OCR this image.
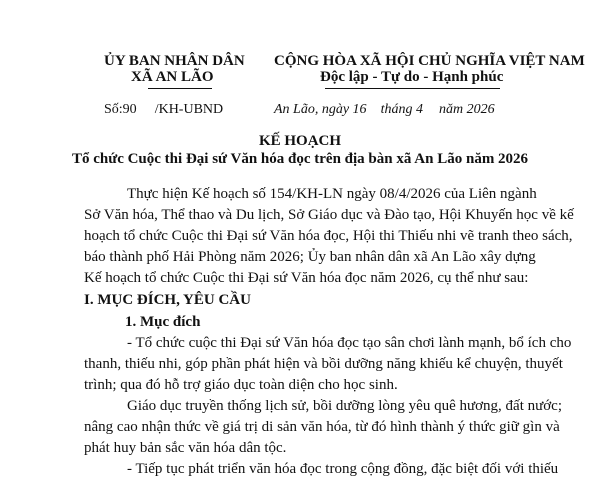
ỦY BAN NHÂN DÂN
XÃ AN LÃO
CỘNG HÒA XÃ HỘI CHỦ NGHĨA VIỆT NAM
Độc lập - Tự do - Hạnh phúc
Số:90 /KH-UBND	An Lão, ngày 16 tháng 4 năm 2026
KẾ HOẠCH
Tổ chức Cuộc thi Đại sứ Văn hóa đọc trên địa bàn xã An Lão năm 2026
Thực hiện Kế hoạch số 154/KH-LN ngày 08/4/2026 của Liên ngành
Sở Văn hóa, Thể thao và Du lịch, Sở Giáo dục và Đào tạo, Hội Khuyến học về kế
hoạch tổ chức Cuộc thi Đại sứ Văn hóa đọc, Hội thi Thiếu nhi vẽ tranh theo sách,
báo thành phố Hải Phòng năm 2026; Ủy ban nhân dân xã An Lão xây dựng
Kế hoạch tổ chức Cuộc thi Đại sứ Văn hóa đọc năm 2026, cụ thể như sau:
I. MỤC ĐÍCH, YÊU CẦU
1. Mục đích
- Tổ chức cuộc thi Đại sứ Văn hóa đọc tạo sân chơi lành mạnh, bổ ích cho
thanh, thiếu nhi, góp phần phát hiện và bồi dưỡng năng khiếu kể chuyện, thuyết
trình; qua đó hỗ trợ giáo dục toàn diện cho học sinh.
Giáo dục truyền thống lịch sử, bồi dưỡng lòng yêu quê hương, đất nước;
nâng cao nhận thức về giá trị di sản văn hóa, từ đó hình thành ý thức giữ gìn và
phát huy bản sắc văn hóa dân tộc.
- Tiếp tục phát triển văn hóa đọc trong cộng đồng, đặc biệt đối với thiếu
